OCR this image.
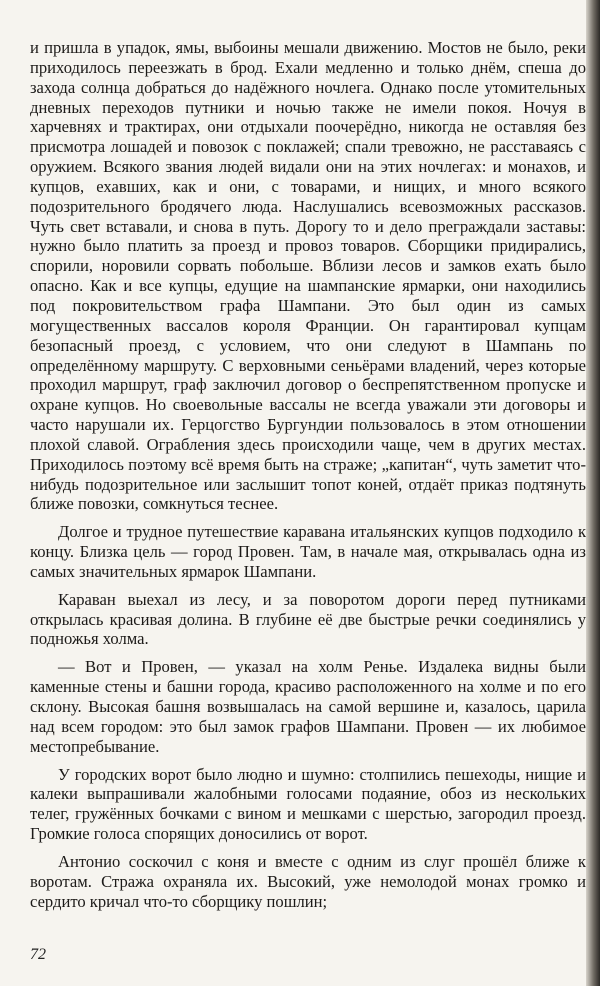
и пришла в упадок, ямы, выбоины мешали движению. Мостов не было, реки приходилось переезжать в брод. Ехали медленно и только днём, спеша до захода солнца добраться до надёжного ночлега. Однако после утомительных дневных переходов путники и ночью также не имели покоя. Ночуя в харчевнях и трактирах, они отдыхали поочерёдно, никогда не оставляя без присмотра лошадей и повозок с поклажей; спали тревожно, не расставаясь с оружием. Всякого звания людей видали они на этих ночлегах: и монахов, и купцов, ехавших, как и они, с товарами, и нищих, и много всякого подозрительного бродячего люда. Наслушались всевозможных рассказов. Чуть свет вставали, и снова в путь. Дорогу то и дело преграждали заставы: нужно было платить за проезд и провоз товаров. Сборщики придирались, спорили, норовили сорвать побольше. Вблизи лесов и замков ехать было опасно. Как и все купцы, едущие на шампанские ярмарки, они находились под покровительством графа Шампани. Это был один из самых могущественных вассалов короля Франции. Он гарантировал купцам безопасный проезд, с условием, что они следуют в Шампань по определённому маршруту. С верховными сеньёрами владений, через которые проходил маршрут, граф заключил договор о беспрепятственном пропуске и охране купцов. Но своевольные вассалы не всегда уважали эти договоры и часто нарушали их. Герцогство Бургундии пользовалось в этом отношении плохой славой. Ограбления здесь происходили чаще, чем в других местах. Приходилось поэтому всё время быть на страже; „капитан“, чуть заметит что-нибудь подозрительное или заслышит топот коней, отдаёт приказ подтянуть ближе повозки, сомкнуться теснее.

Долгое и трудное путешествие каравана итальянских купцов подходило к концу. Близка цель — город Провен. Там, в начале мая, открывалась одна из самых значительных ярмарок Шампани.

Караван выехал из лесу, и за поворотом дороги перед путниками открылась красивая долина. В глубине её две быстрые речки соединялись у подножья холма.

— Вот и Провен, — указал на холм Ренье. Издалека видны были каменные стены и башни города, красиво расположенного на холме и по его склону. Высокая башня возвышалась на самой вершине и, казалось, царила над всем городом: это был замок графов Шампани. Провен — их любимое местопребывание.

У городских ворот было людно и шумно: столпились пешеходы, нищие и калеки выпрашивали жалобными голосами подаяние, обоз из нескольких телег, гружённых бочками с вином и мешками с шерстью, загородил проезд. Громкие голоса спорящих доносились от ворот.

Антонио соскочил с коня и вместе с одним из слуг прошёл ближе к воротам. Стража охраняла их. Высокий, уже немолодой монах громко и сердито кричал что-то сборщику пошлин;

72
